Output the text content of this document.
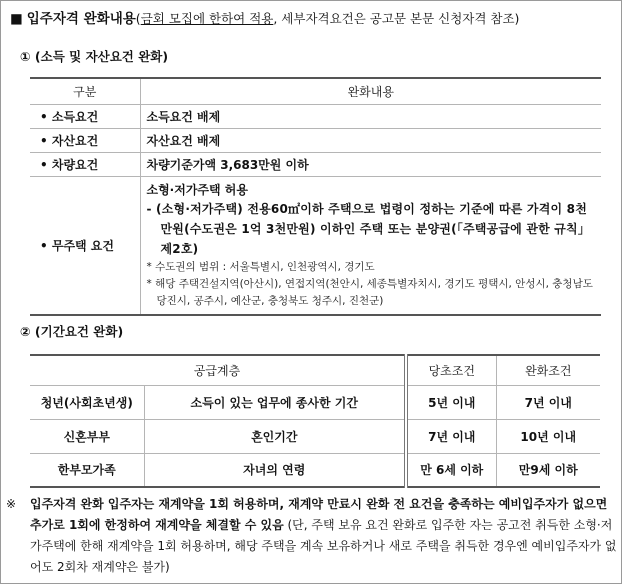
■ 입주자격 완화내용(금회 모집에 한하여 적용, 세부자격요건은 공고문 본문 신청자격 참조)
① (소득 및 자산요건 완화)
구분	완화내용
• 소득요건	소득요건 배제
• 자산요건	자산요건 배제
• 차량요건	차량기준가액 3,683만원 이하
• 무주택 요건	소형·저가주택 허용
- (소형·저가주택) 전용60㎡이하 주택으로 법령이 정하는 기준에 따른 가격이 8천만원(수도권은 1억 3천만원) 이하인 주택 또는 분양권(「주택공급에 관한 규칙」 제2호)
* 수도권의 범위 : 서울특별시, 인천광역시, 경기도
* 해당 주택건설지역(아산시), 연접지역(천안시, 세종특별자치시, 경기도 평택시, 안성시, 충청남도 당진시, 공주시, 예산군, 충청북도 청주시, 진천군)
② (기간요건 완화)
공급계층		당초조건	완화조건
청년(사회초년생)	소득이 있는 업무에 종사한 기간	5년 이내	7년 이내
신혼부부	혼인기간	7년 이내	10년 이내
한부모가족	자녀의 연령	만 6세 이하	만9세 이하
※	입주자격 완화 입주자는 재계약을 1회 허용하며, 재계약 만료시 완화 전 요건을 충족하는 예비입주자가 없으면 추가로 1회에 한정하여 재계약을 체결할 수 있음 (단, 주택 보유 요건 완화로 입주한 자는 공고전 취득한 소형·저가주택에 한해 재계약을 1회 허용하며, 해당 주택을 계속 보유하거나 새로 주택을 취득한 경우엔 예비입주자가 없어도 2회차 재계약은 불가)
